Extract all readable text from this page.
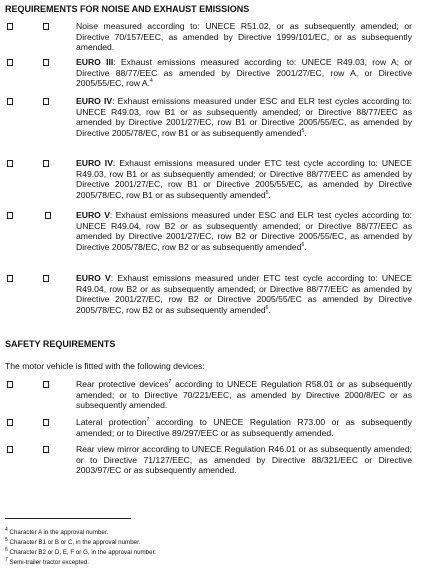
REQUIREMENTS FOR NOISE AND EXHAUST EMISSIONS
Noise measured according to: UNECE R51.02, or as subsequently amended; or Directive 70/157/EEC, as amended by Directive 1999/101/EC, or as subsequently amended.
EURO III: Exhaust emissions measured according to: UNECE R49.03, row A; or Directive 88/77/EEC as amended by Directive 2001/27/EC, row A, or Directive 2005/55/EC, row A.$^4$
EURO IV: Exhaust emissions measured under ESC and ELR test cycles according to: UNECE R49.03, row B1 or as subsequently amended; or Directive 88/77/EEC as amended by Directive 2001/27/EC, row B1 or Directive 2005/55/EC, as amended by Directive 2005/78/EC, row B1 or as subsequently amended$^5$.
EURO IV: Exhaust emissions measured under ETC test cycle according to: UNECE R49.03, row B1 or as subsequently amended; or Directive 88/77/EEC as amended by Directive 2001/27/EC, row B1 or Directive 2005/55/EC, as amended by Directive 2005/78/EC, row B1 or as subsequently amended$^5$.
EURO V: Exhaust emissions measured under ESC and ELR test cycles according to: UNECE R49.04, row B2 or as subsequently amended; or Directive 88/77/EEC as amended by Directive 2001/27/EC, row B2 or Directive 2005/55/EC, as amended by Directive 2005/78/EC, row B2 or as subsequently amended$^6$.
EURO V: Exhaust emissions measured under ETC test cycle according to: UNECE R49.04, row B2 or as subsequently amended; or Directive 88/77/EEC as amended by Directive 2001/27/EC, row B2 or Directive 2005/55/EC as amended by Directive 2005/78/EC, row B2 or as subsequently amended$^6$.
SAFETY REQUIREMENTS
The motor vehicle is fitted with the following devices:
Rear protective devices$^7$ according to UNECE Regulation R58.01 or as subsequently amended; or to Directive 70/221/EEC, as amended by Directive 2000/8/EC or as subsequently amended.
Lateral protection$^7$ according to UNECE Regulation R73.00 or as subsequently amended; or to Directive 89/297/EEC or as subsequently amended.
Rear view mirror according to UNECE Regulation R46.01 or as subsequently amended; or to Directive 71/127/EEC, as amended by Directive 88/321/EEC or Directive 2003/97/EC or as subsequently amended.
$^4$ Character A in the approval number.
$^5$ Character B1 or B or C, in the approval number.
$^6$ Character B2 or D, E, F or G, in the approval number.
$^7$ Semi-trailer tractor excepted.
